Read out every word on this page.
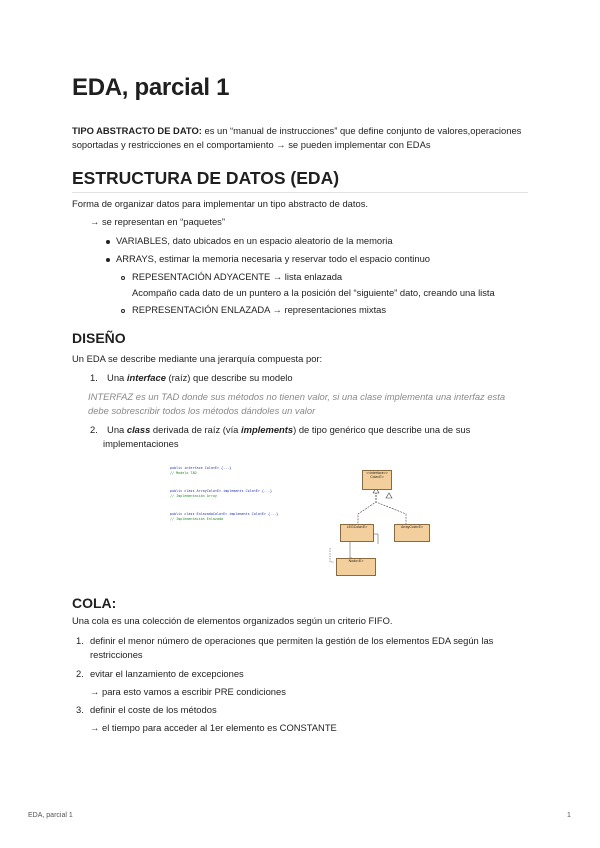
EDA, parcial 1
TIPO ABSTRACTO DE DATO: es un “manual de instrucciones” que define conjunto de valores,operaciones
soportadas y restricciones en el comportamiento → se pueden implementar con EDAs
ESTRUCTURA DE DATOS (EDA)
Forma de organizar datos para implementar un tipo abstracto de datos.
→ se representan en “paquetes”
VARIABLES, dato ubicados en un espacio aleatorio de la memoria
ARRAYS, estimar la memoria necesaria y reservar todo el espacio continuo
REPESENTACIÓN ADYACENTE → lista enlazada
Acompaño cada dato de un puntero a la posición del “siguiente” dato, creando una lista
REPRESENTACIÓN ENLAZADA → representaciones mixtas
DISEÑO
Un EDA se describe mediante una jerarquía compuesta por:
1. Una interface (raíz) que describe su modelo
INTERFAZ es un TAD donde sus métodos no tienen valor, si una clase implementa una interfaz esta
debe sobrescribir todos los métodos dándoles un valor
2. Una class derivada de raíz (vía implements) de tipo genérico que describe una de sus
implementaciones
public interface Cola<E> {...}
// Modelo TAD
public class ArrayCola<E> implements Cola<E> {...}
// Implementación Array
public class EnlazadaCola<E> implements Cola<E> {...}
// Implementación Enlazada
<<interface>> Cola<E>
LEGCola<E>	ArrayCola<E>
Nodo<E>
COLA:
Una cola es una colección de elementos organizados según un criterio FIFO.
1. definir el menor número de operaciones que permiten la gestión de los elementos EDA según las
restricciones
2. evitar el lanzamiento de excepciones
→ para esto vamos a escribir PRE condiciones
3. definir el coste de los métodos
→ el tiempo para acceder al 1er elemento es CONSTANTE
EDA, parcial 1	1
